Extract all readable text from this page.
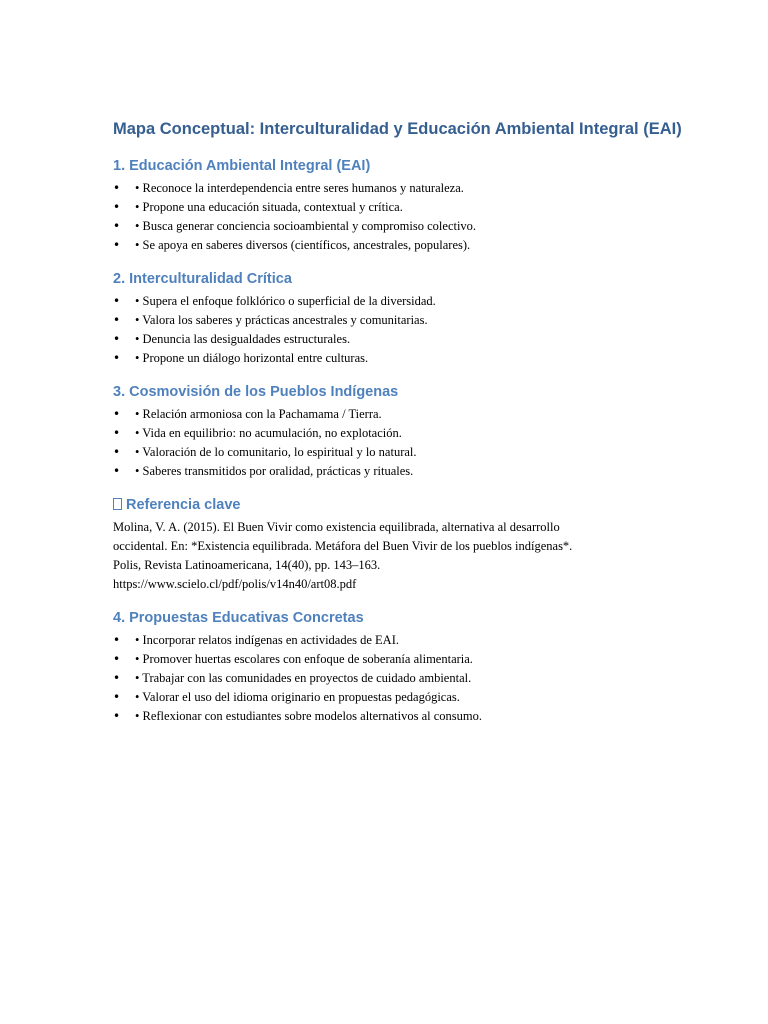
Mapa Conceptual: Interculturalidad y Educación Ambiental Integral (EAI)
1. Educación Ambiental Integral (EAI)
• • Reconoce la interdependencia entre seres humanos y naturaleza.
• • Propone una educación situada, contextual y crítica.
• • Busca generar conciencia socioambiental y compromiso colectivo.
• • Se apoya en saberes diversos (científicos, ancestrales, populares).
2. Interculturalidad Crítica
• • Supera el enfoque folklórico o superficial de la diversidad.
• • Valora los saberes y prácticas ancestrales y comunitarias.
• • Denuncia las desigualdades estructurales.
• • Propone un diálogo horizontal entre culturas.
3. Cosmovisión de los Pueblos Indígenas
• • Relación armoniosa con la Pachamama / Tierra.
• • Vida en equilibrio: no acumulación, no explotación.
• • Valoración de lo comunitario, lo espiritual y lo natural.
• • Saberes transmitidos por oralidad, prácticas y rituales.
Referencia clave
Molina, V. A. (2015). El Buen Vivir como existencia equilibrada, alternativa al desarrollo
occidental. En: *Existencia equilibrada. Metáfora del Buen Vivir de los pueblos indígenas*.
Polis, Revista Latinoamericana, 14(40), pp. 143–163.
https://www.scielo.cl/pdf/polis/v14n40/art08.pdf
4. Propuestas Educativas Concretas
• • Incorporar relatos indígenas en actividades de EAI.
• • Promover huertas escolares con enfoque de soberanía alimentaria.
• • Trabajar con las comunidades en proyectos de cuidado ambiental.
• • Valorar el uso del idioma originario en propuestas pedagógicas.
• • Reflexionar con estudiantes sobre modelos alternativos al consumo.
